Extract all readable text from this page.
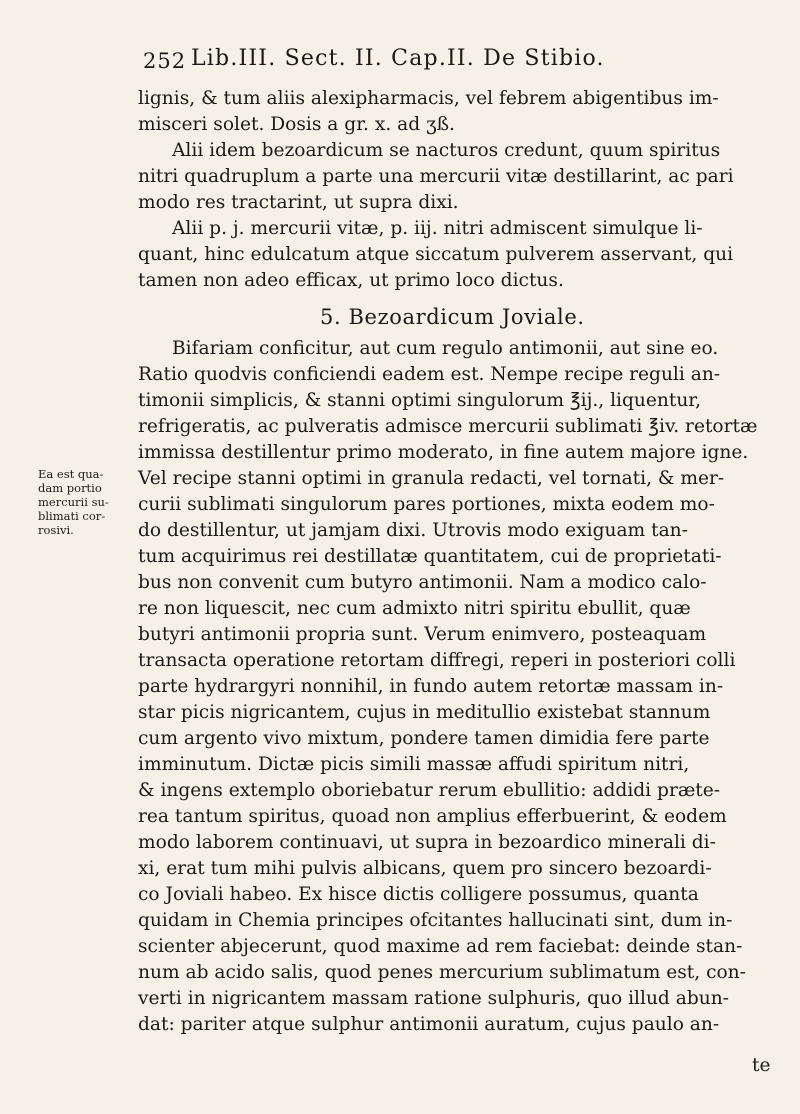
252 Lib.III. Sect. II. Cap.II. De Stibio.
lignis, & tum aliis alexipharmacis, vel febrem abigentibus im-
misceri solet. Dosis a gr. x. ad ʒß.
Alii idem bezoardicum se nacturos credunt, quum spiritus
nitri quadruplum a parte una mercurii vitæ destillarint, ac pari
modo res tractarint, ut supra dixi.
Alii p. j. mercurii vitæ, p. iij. nitri admiscent simulque li-
quant, hinc edulcatum atque siccatum pulverem asservant, qui
tamen non adeo efficax, ut primo loco dictus.
5. Bezoardicum Joviale.
Bifariam conficitur, aut cum regulo antimonii, aut sine eo.
Ratio quodvis conficiendi eadem est. Nempe recipe reguli an-
timonii simplicis, & stanni optimi singulorum ℥ij., liquentur,
refrigeratis, ac pulveratis admisce mercurii sublimati ℥iv. retortæ
immissa destillentur primo moderato, in fine autem majore igne.
Vel recipe stanni optimi in granula redacti, vel tornati, & mer-
curii sublimati singulorum pares portiones, mixta eodem mo-
do destillentur, ut jamjam dixi. Utrovis modo exiguam tan-
tum acquirimus rei destillatæ quantitatem, cui de proprietati-
bus non convenit cum butyro antimonii. Nam a modico calo-
re non liquescit, nec cum admixto nitri spiritu ebullit, quæ
butyri antimonii propria sunt. Verum enimvero, posteaquam
transacta operatione retortam diffregi, reperi in posteriori colli
parte hydrargyri nonnihil, in fundo autem retortæ massam in-
star picis nigricantem, cujus in meditullio existebat stannum
cum argento vivo mixtum, pondere tamen dimidia fere parte
imminutum. Dictæ picis simili massæ affudi spiritum nitri,
& ingens extemplo oboriebatur rerum ebullitio: addidi præte-
rea tantum spiritus, quoad non amplius efferbuerint, & eodem
modo laborem continuavi, ut supra in bezoardico minerali di-
xi, erat tum mihi pulvis albicans, quem pro sincero bezoardi-
co Joviali habeo. Ex hisce dictis colligere possumus, quanta
quidam in Chemia principes ofcitantes hallucinati sint, dum in-
scienter abjecerunt, quod maxime ad rem faciebat: deinde stan-
num ab acido salis, quod penes mercurium sublimatum est, con-
verti in nigricantem massam ratione sulphuris, quo illud abun-
dat: pariter atque sulphur antimonii auratum, cujus paulo an-
Ea est qua-
dam portio
mercurii su-
blimati cor-
rosivi.
te
